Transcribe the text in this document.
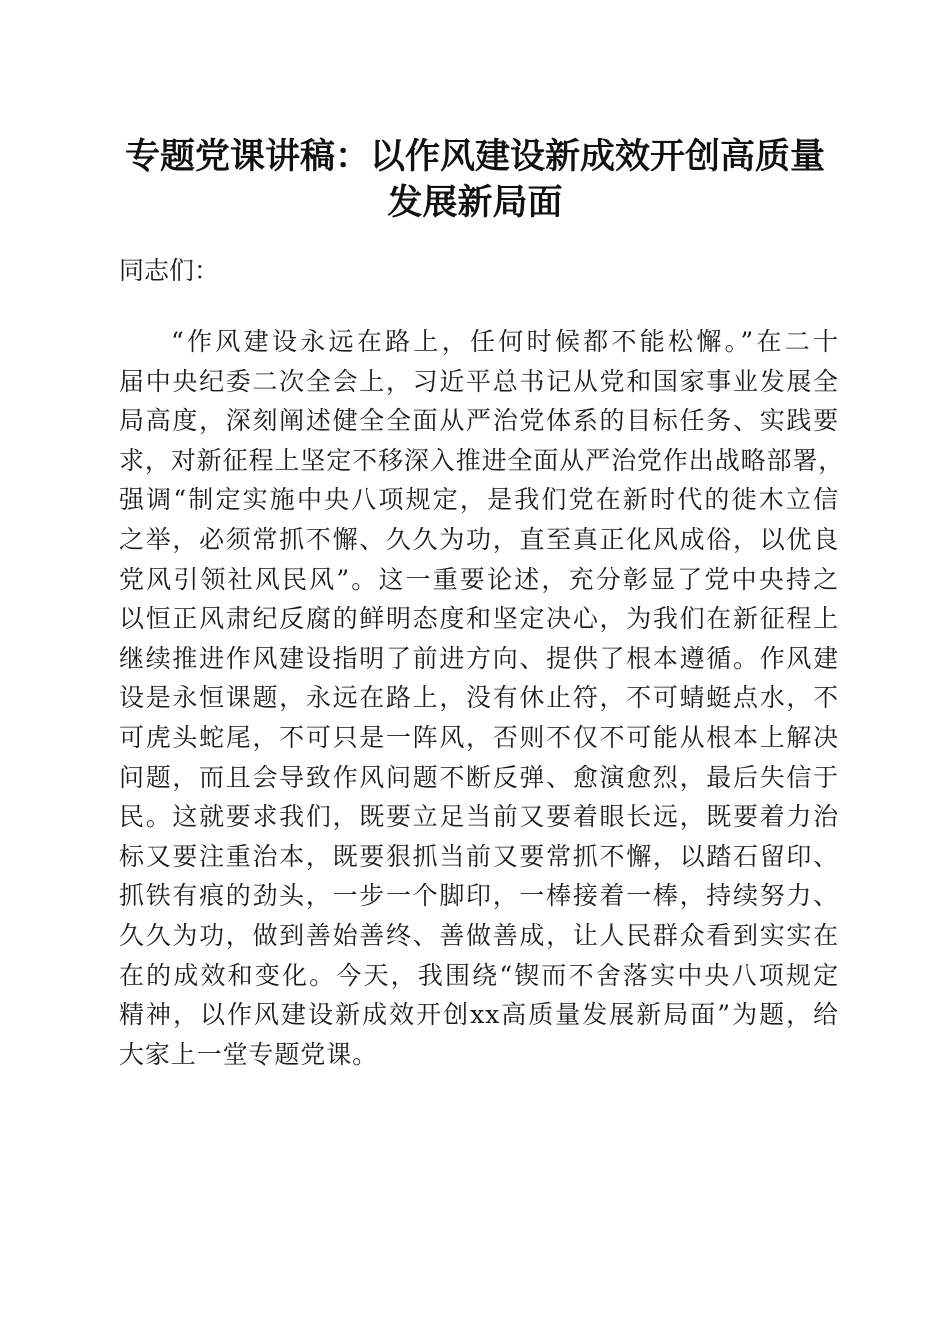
专题党课讲稿：以作风建设新成效开创高质量
发展新局面

同志们：

“作风建设永远在路上，任何时候都不能松懈。”在二十
届中央纪委二次全会上，习近平总书记从党和国家事业发展全
局高度，深刻阐述健全全面从严治党体系的目标任务、实践要
求，对新征程上坚定不移深入推进全面从严治党作出战略部署，
强调“制定实施中央八项规定，是我们党在新时代的徙木立信
之举，必须常抓不懈、久久为功，直至真正化风成俗，以优良
党风引领社风民风”。这一重要论述，充分彰显了党中央持之
以恒正风肃纪反腐的鲜明态度和坚定决心，为我们在新征程上
继续推进作风建设指明了前进方向、提供了根本遵循。作风建
设是永恒课题，永远在路上，没有休止符，不可蜻蜓点水，不
可虎头蛇尾，不可只是一阵风，否则不仅不可能从根本上解决
问题，而且会导致作风问题不断反弹、愈演愈烈，最后失信于
民。这就要求我们，既要立足当前又要着眼长远，既要着力治
标又要注重治本，既要狠抓当前又要常抓不懈，以踏石留印、
抓铁有痕的劲头，一步一个脚印，一棒接着一棒，持续努力、
久久为功，做到善始善终、善做善成，让人民群众看到实实在
在的成效和变化。今天，我围绕“锲而不舍落实中央八项规定
精神，以作风建设新成效开创xx高质量发展新局面”为题，给
大家上一堂专题党课。
